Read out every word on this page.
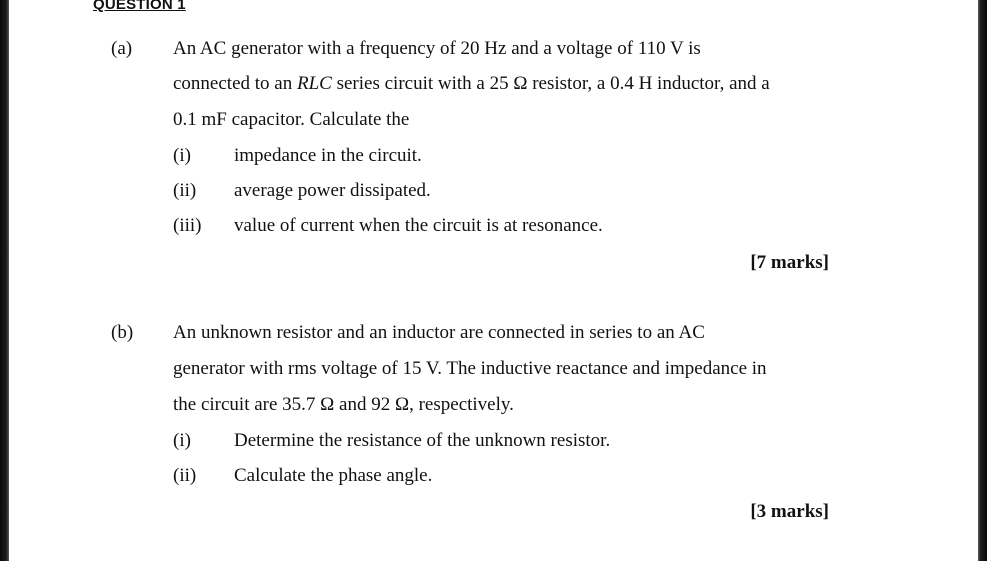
QUESTION 1
(a) An AC generator with a frequency of 20 Hz and a voltage of 110 V is
connected to an RLC series circuit with a 25 Ω resistor, a 0.4 H inductor, and a
0.1 mF capacitor. Calculate the
(i) impedance in the circuit.
(ii) average power dissipated.
(iii) value of current when the circuit is at resonance.
[7 marks]
(b) An unknown resistor and an inductor are connected in series to an AC
generator with rms voltage of 15 V. The inductive reactance and impedance in
the circuit are 35.7 Ω and 92 Ω, respectively.
(i) Determine the resistance of the unknown resistor.
(ii) Calculate the phase angle.
[3 marks]
